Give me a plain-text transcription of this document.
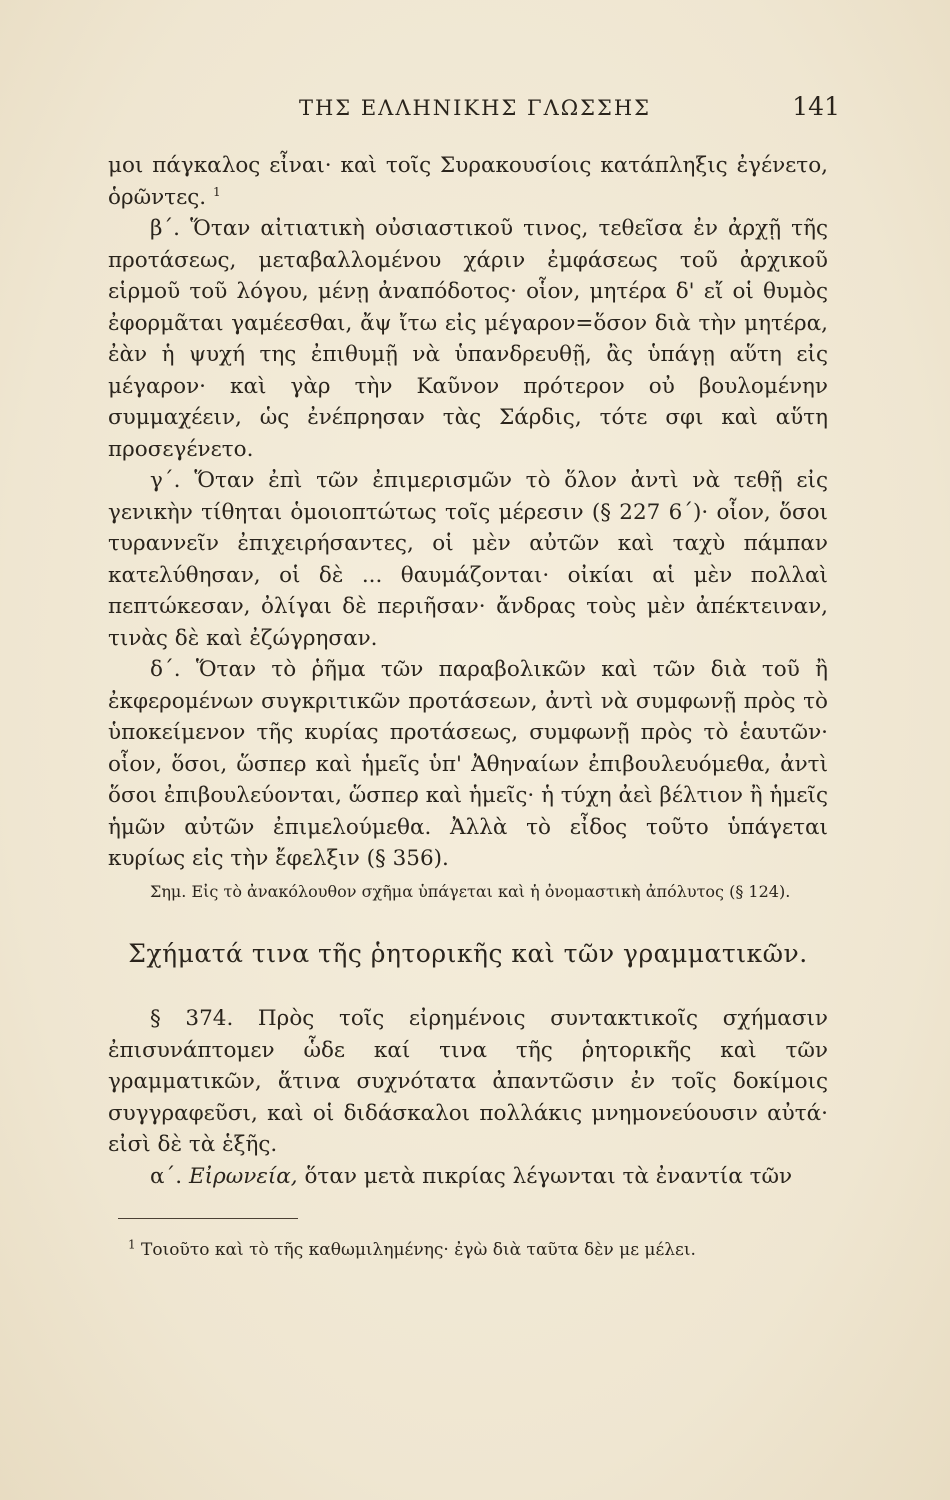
ΤΗΣ ΕΛΛΗΝΙΚΗΣ ΓΛΩΣΣΗΣ	141

μοι πάγκαλος εἶναι· καὶ τοῖς Συρακουσίοις κατάπληξις ἐγένετο, ὁρῶντες. $^1$

β΄. Ὅταν αἰτιατικὴ οὐσιαστικοῦ τινος, τεθεῖσα ἐν ἀρχῇ τῆς προτάσεως, μεταβαλλομένου χάριν ἐμφάσεως τοῦ ἀρχικοῦ εἱρμοῦ τοῦ λόγου, μένῃ ἀναπόδοτος· οἷον, μητέρα δ' εἴ οἱ θυμὸς ἐφορμᾶται γαμέεσθαι, ἄψ ἴτω εἰς μέγαρον=ὅσον διὰ τὴν μητέρα, ἐὰν ἡ ψυχή της ἐπιθυμῇ νὰ ὑπανδρευθῇ, ἂς ὑπάγῃ αὕτη εἰς μέγαρον· καὶ γὰρ τὴν Καῦνον πρότερον οὐ βουλομένην συμμαχέειν, ὡς ἐνέπρησαν τὰς Σάρδις, τότε σφι καὶ αὕτη προσεγένετο.

γ΄. Ὅταν ἐπὶ τῶν ἐπιμερισμῶν τὸ ὅλον ἀντὶ νὰ τεθῇ εἰς γενικὴν τίθηται ὁμοιοπτώτως τοῖς μέρεσιν (§ 227 6΄)· οἷον, ὅσοι τυραννεῖν ἐπιχειρήσαντες, οἱ μὲν αὐτῶν καὶ ταχὺ πάμπαν κατελύθησαν, οἱ δὲ ... θαυμάζονται· οἰκίαι αἱ μὲν πολλαὶ πεπτώκεσαν, ὀλίγαι δὲ περιῆσαν· ἄνδρας τοὺς μὲν ἀπέκτειναν, τινὰς δὲ καὶ ἐζώγρησαν.

δ΄. Ὅταν τὸ ῥῆμα τῶν παραβολικῶν καὶ τῶν διὰ τοῦ ἢ ἐκφερομένων συγκριτικῶν προτάσεων, ἀντὶ νὰ συμφωνῇ πρὸς τὸ ὑποκείμενον τῆς κυρίας προτάσεως, συμφωνῇ πρὸς τὸ ἑαυτῶν· οἷον, ὅσοι, ὥσπερ καὶ ἡμεῖς ὑπ' Ἀθηναίων ἐπιβουλευόμεθα, ἀντὶ ὅσοι ἐπιβουλεύονται, ὥσπερ καὶ ἡμεῖς· ἡ τύχη ἀεὶ βέλτιον ἢ ἡμεῖς ἡμῶν αὐτῶν ἐπιμελούμεθα. Ἀλλὰ τὸ εἶδος τοῦτο ὑπάγεται κυρίως εἰς τὴν ἔφελξιν (§ 356).

Σημ. Εἰς τὸ ἀνακόλουθον σχῆμα ὑπάγεται καὶ ἡ ὀνομαστικὴ ἀπόλυτος (§ 124).

Σχήματά τινα τῆς ῥητορικῆς καὶ τῶν γραμματικῶν.

§ 374. Πρὸς τοῖς εἰρημένοις συντακτικοῖς σχήμασιν ἐπισυνάπτομεν ὧδε καί τινα τῆς ῥητορικῆς καὶ τῶν γραμματικῶν, ἅτινα συχνότατα ἀπαντῶσιν ἐν τοῖς δοκίμοις συγγραφεῦσι, καὶ οἱ διδάσκαλοι πολλάκις μνημονεύουσιν αὐτά· εἰσὶ δὲ τὰ ἑξῆς.

α΄. Εἰρωνεία, ὅταν μετὰ πικρίας λέγωνται τὰ ἐναντία τῶν

$^1$ Τοιοῦτο καὶ τὸ τῆς καθωμιλημένης· ἐγὼ διὰ ταῦτα δὲν με μέλει.
